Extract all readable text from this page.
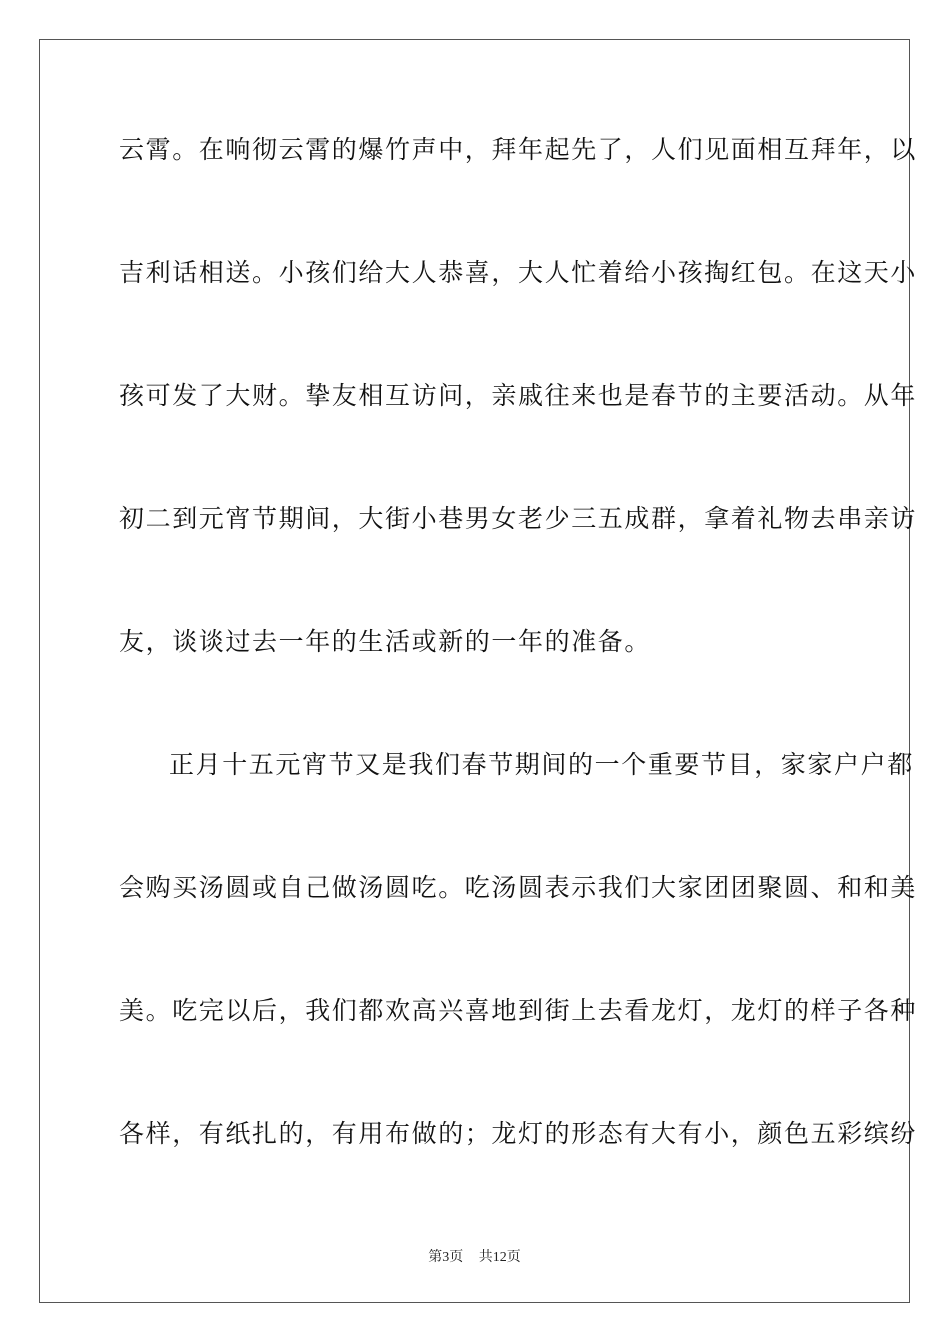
云霄。在响彻云霄的爆竹声中，拜年起先了，人们见面相互拜年，以
吉利话相送。小孩们给大人恭喜，大人忙着给小孩掏红包。在这天小
孩可发了大财。挚友相互访问，亲戚往来也是春节的主要活动。从年
初二到元宵节期间，大街小巷男女老少三五成群，拿着礼物去串亲访
友，谈谈过去一年的生活或新的一年的准备。
正月十五元宵节又是我们春节期间的一个重要节目，家家户户都
会购买汤圆或自己做汤圆吃。吃汤圆表示我们大家团团聚圆、和和美
美。吃完以后，我们都欢高兴喜地到街上去看龙灯，龙灯的样子各种
各样，有纸扎的，有用布做的；龙灯的形态有大有小，颜色五彩缤纷
第3页 共12页
